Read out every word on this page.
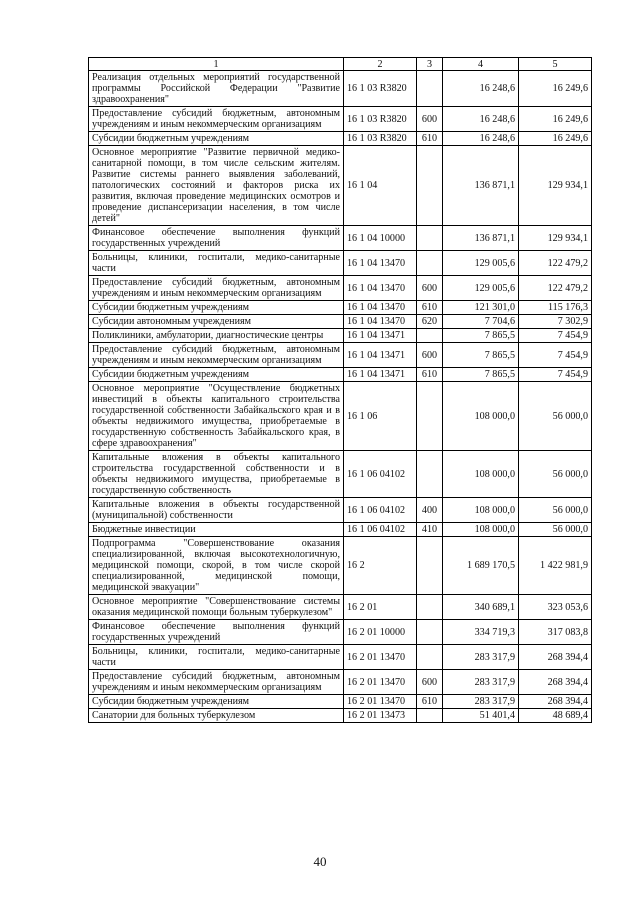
1	2	3	4	5
Реализация отдельных мероприятий государственной программы Российской Федерации "Развитие здравоохранения"	16 1 03 R3820		16 248,6	16 249,6
Предоставление субсидий бюджетным, автономным учреждениям и иным некоммерческим организациям	16 1 03 R3820	600	16 248,6	16 249,6
Субсидии бюджетным учреждениям	16 1 03 R3820	610	16 248,6	16 249,6
Основное мероприятие "Развитие первичной медико-санитарной помощи, в том числе сельским жителям. Развитие системы раннего выявления заболеваний, патологических состояний и факторов риска их развития, включая проведение медицинских осмотров и проведение диспансеризации населения, в том числе детей"	16 1 04		136 871,1	129 934,1
Финансовое обеспечение выполнения функций государственных учреждений	16 1 04 10000		136 871,1	129 934,1
Больницы, клиники, госпитали, медико-санитарные части	16 1 04 13470		129 005,6	122 479,2
Предоставление субсидий бюджетным, автономным учреждениям и иным некоммерческим организациям	16 1 04 13470	600	129 005,6	122 479,2
Субсидии бюджетным учреждениям	16 1 04 13470	610	121 301,0	115 176,3
Субсидии автономным учреждениям	16 1 04 13470	620	7 704,6	7 302,9
Поликлиники, амбулатории, диагностические центры	16 1 04 13471		7 865,5	7 454,9
Предоставление субсидий бюджетным, автономным учреждениям и иным некоммерческим организациям	16 1 04 13471	600	7 865,5	7 454,9
Субсидии бюджетным учреждениям	16 1 04 13471	610	7 865,5	7 454,9
Основное мероприятие "Осуществление бюджетных инвестиций в объекты капитального строительства государственной собственности Забайкальского края и в объекты недвижимого имущества, приобретаемые в государственную собственность Забайкальского края, в сфере здравоохранения"	16 1 06		108 000,0	56 000,0
Капитальные вложения в объекты капитального строительства государственной собственности и в объекты недвижимого имущества, приобретаемые в государственную собственность	16 1 06 04102		108 000,0	56 000,0
Капитальные вложения в объекты государственной (муниципальной) собственности	16 1 06 04102	400	108 000,0	56 000,0
Бюджетные инвестиции	16 1 06 04102	410	108 000,0	56 000,0
Подпрограмма "Совершенствование оказания специализированной, включая высокотехнологичную, медицинской помощи, скорой, в том числе скорой специализированной, медицинской помощи, медицинской эвакуации"	16 2		1 689 170,5	1 422 981,9
Основное мероприятие "Совершенствование системы оказания медицинской помощи больным туберкулезом"	16 2 01		340 689,1	323 053,6
Финансовое обеспечение выполнения функций государственных учреждений	16 2 01 10000		334 719,3	317 083,8
Больницы, клиники, госпитали, медико-санитарные части	16 2 01 13470		283 317,9	268 394,4
Предоставление субсидий бюджетным, автономным учреждениям и иным некоммерческим организациям	16 2 01 13470	600	283 317,9	268 394,4
Субсидии бюджетным учреждениям	16 2 01 13470	610	283 317,9	268 394,4
Санатории для больных туберкулезом	16 2 01 13473		51 401,4	48 689,4
40
